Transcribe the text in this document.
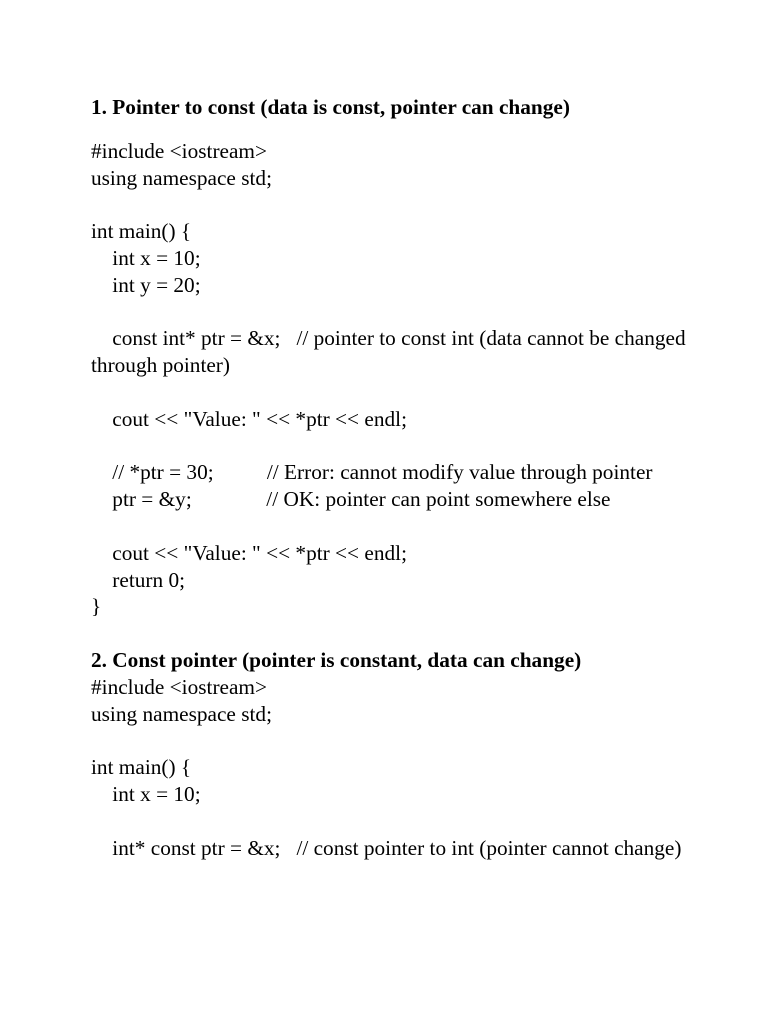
1. Pointer to const (data is const, pointer can change)
#include <iostream>
using namespace std;
int main() {
int x = 10;
int y = 20;
const int* ptr = &x;   // pointer to const int (data cannot be changed through pointer)
cout << "Value: " << *ptr << endl;
// *ptr = 30;          // Error: cannot modify value through pointer
ptr = &y;              // OK: pointer can point somewhere else
cout << "Value: " << *ptr << endl;
return 0;
}
2. Const pointer (pointer is constant, data can change)
#include <iostream>
using namespace std;
int main() {
int x = 10;
int* const ptr = &x;   // const pointer to int (pointer cannot change)
